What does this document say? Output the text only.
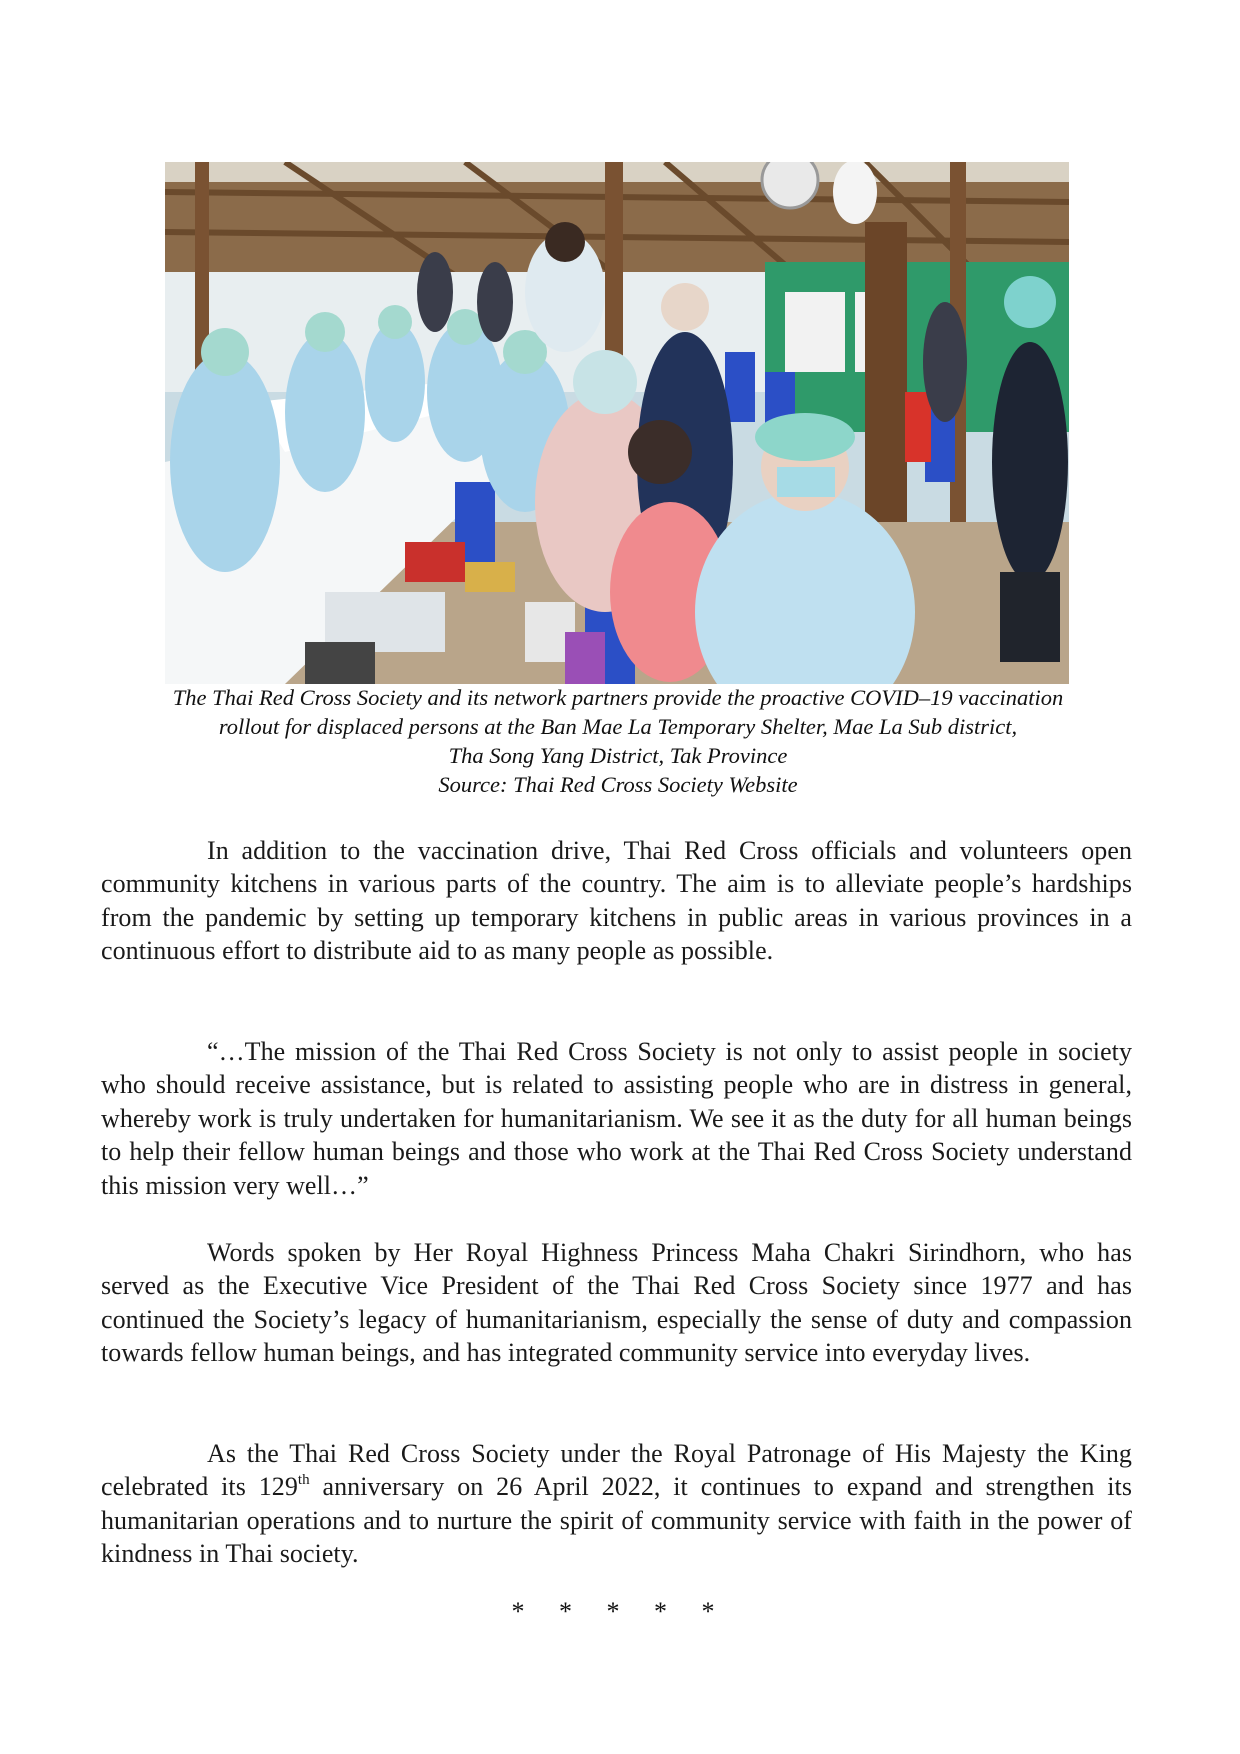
The Thai Red Cross Society and its network partners provide the proactive COVID–19 vaccination
rollout for displaced persons at the Ban Mae La Temporary Shelter, Mae La Sub district,
Tha Song Yang District, Tak Province
Source: Thai Red Cross Society Website
In addition to the vaccination drive, Thai Red Cross officials and volunteers open community kitchens in various parts of the country. The aim is to alleviate people’s hardships from the pandemic by setting up temporary kitchens in public areas in various provinces in a continuous effort to distribute aid to as many people as possible.
“…The mission of the Thai Red Cross Society is not only to assist people in society who should receive assistance, but is related to assisting people who are in distress in general, whereby work is truly undertaken for humanitarianism. We see it as the duty for all human beings to help their fellow human beings and those who work at the Thai Red Cross Society understand this mission very well…”
Words spoken by Her Royal Highness Princess Maha Chakri Sirindhorn, who has served as the Executive Vice President of the Thai Red Cross Society since 1977 and has continued the Society’s legacy of humanitarianism, especially the sense of duty and compassion towards fellow human beings, and has integrated community service into everyday lives.
As the Thai Red Cross Society under the Royal Patronage of His Majesty the King celebrated its 129th anniversary on 26 April 2022, it continues to expand and strengthen its humanitarian operations and to nurture the spirit of community service with faith in the power of kindness in Thai society.
* * * * *
